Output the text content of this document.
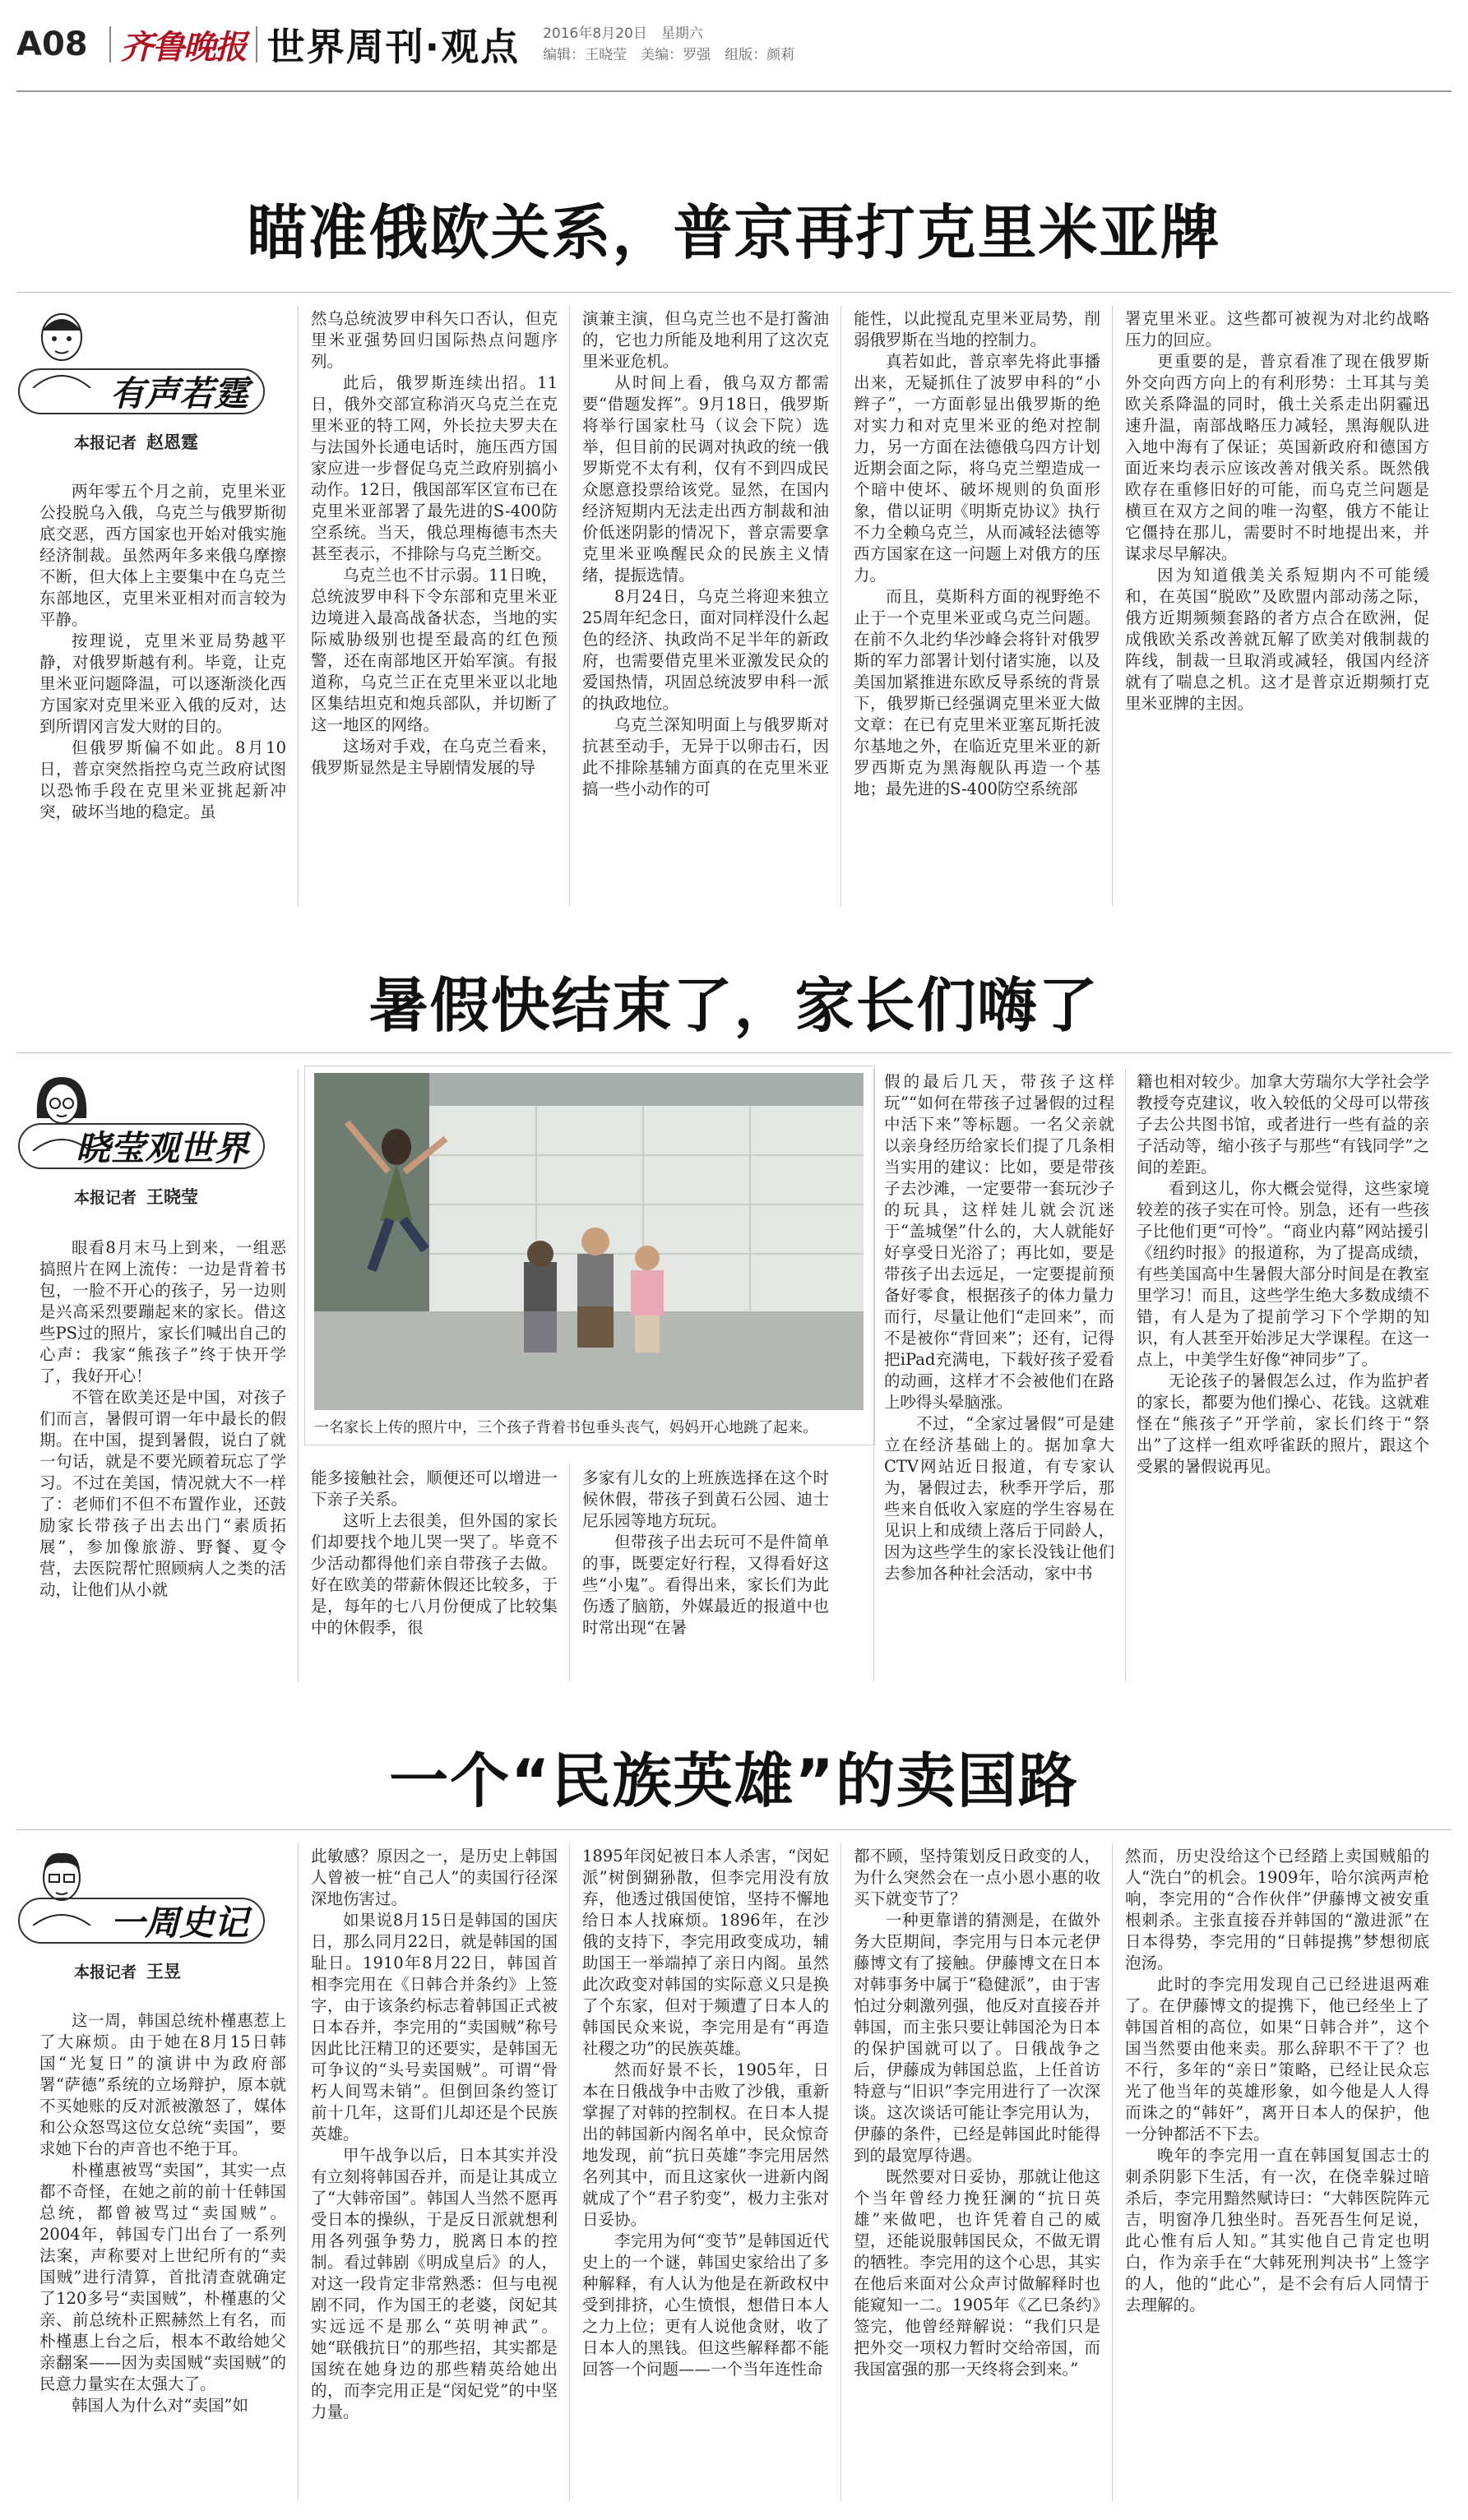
A08 齐鲁晚报 世界周刊·观点 2016年8月20日　 星期六
编辑：王晓莹　美编：罗强　组版：颜莉
瞄准俄欧关系，普京再打克里米亚牌
有声若霆
本报记者 赵恩霆

两年零五个月之前，克里米亚公投脱乌入俄，乌克兰与俄罗斯彻底交恶，西方国家也开始对俄实施经济制裁。虽然两年多来俄乌摩擦不断，但大体上主要集中在乌克兰东部地区，克里米亚相对而言较为平静。

按理说，克里米亚局势越平静，对俄罗斯越有利。毕竟，让克里米亚问题降温，可以逐渐淡化西方国家对克里米亚入俄的反对，达到所谓冈言发大财的目的。

但俄罗斯偏不如此。8月10日，普京突然指控乌克兰政府试图以恐怖手段在克里米亚挑起新冲突，破坏当地的稳定。虽

然乌总统波罗申科矢口否认，但克里米亚强势回归国际热点问题序列。

此后，俄罗斯连续出招。11日，俄外交部宣称消灭乌克兰在克里米亚的特工网，外长拉夫罗夫在与法国外长通电话时，施压西方国家应进一步督促乌克兰政府别搞小动作。12日，俄国部军区宣布已在克里米亚部署了最先进的S-400防空系统。当天，俄总理梅德韦杰夫甚至表示，不排除与乌克兰断交。

乌克兰也不甘示弱。11日晚，总统波罗申科下令东部和克里米亚边境进入最高战备状态，当地的实际威胁级别也提至最高的红色预警，还在南部地区开始军演。有报道称，乌克兰正在克里米亚以北地区集结坦克和炮兵部队，并切断了这一地区的网络。

这场对手戏，在乌克兰看来，俄罗斯显然是主导剧情发展的导

演兼主演，但乌克兰也不是打酱油的，它也力所能及地利用了这次克里米亚危机。

从时间上看，俄乌双方都需要“借题发挥”。9月18日，俄罗斯将举行国家杜马（议会下院）选举，但目前的民调对执政的统一俄罗斯党不太有利，仅有不到四成民众愿意投票给该党。显然，在国内经济短期内无法走出西方制裁和油价低迷阴影的情况下，普京需要拿克里米亚唤醒民众的民族主义情绪，提振选情。

8月24日，乌克兰将迎来独立25周年纪念日，面对同样没什么起色的经济、执政尚不足半年的新政府，也需要借克里米亚激发民众的爱国热情，巩固总统波罗申科一派的执政地位。

乌克兰深知明面上与俄罗斯对抗甚至动手，无异于以卵击石，因此不排除基辅方面真的在克里米亚搞一些小动作的可

能性，以此搅乱克里米亚局势，削弱俄罗斯在当地的控制力。

真若如此，普京率先将此事播出来，无疑抓住了波罗申科的“小辫子”，一方面彰显出俄罗斯的绝对实力和对克里米亚的绝对控制力，另一方面在法德俄乌四方计划近期会面之际，将乌克兰塑造成一个暗中使坏、破坏规则的负面形象，借以证明《明斯克协议》执行不力全赖乌克兰，从而减轻法德等西方国家在这一问题上对俄方的压力。

而且，莫斯科方面的视野绝不止于一个克里米亚或乌克兰问题。在前不久北约华沙峰会将针对俄罗斯的军力部署计划付诸实施，以及美国加紧推进东欧反导系统的背景下，俄罗斯已经强调克里米亚大做文章：在已有克里米亚塞瓦斯托波尔基地之外，在临近克里米亚的新罗西斯克为黑海舰队再造一个基地；最先进的S-400防空系统部

署克里米亚。这些都可被视为对北约战略压力的回应。

更重要的是，普京看准了现在俄罗斯外交向西方向上的有利形势：土耳其与美欧关系降温的同时，俄土关系走出阴霾迅速升温，南部战略压力减轻，黑海舰队进入地中海有了保证；英国新政府和德国方面近来均表示应该改善对俄关系。既然俄欧存在重修旧好的可能，而乌克兰问题是横亘在双方之间的唯一沟壑，俄方不能让它僵持在那儿，需要时不时地提出来，并谋求尽早解决。

因为知道俄美关系短期内不可能缓和，在英国“脱欧”及欧盟内部动荡之际，俄方近期频频套路的者方点合在欧洲，促成俄欧关系改善就瓦解了欧美对俄制裁的阵线，制裁一旦取消或减轻，俄国内经济就有了喘息之机。这才是普京近期频打克里米亚牌的主因。

暑假快结束了，家长们嗨了
晓莹观世界
本报记者 王晓莹

眼看8月末马上到来，一组恶搞照片在网上流传：一边是背着书包，一脸不开心的孩子，另一边则是兴高采烈要蹦起来的家长。借这些PS过的照片，家长们喊出自己的心声：我家“熊孩子”终于快开学了，我好开心！

不管在欧美还是中国，对孩子们而言，暑假可谓一年中最长的假期。在中国，提到暑假，说白了就一句话，就是不要光顾着玩忘了学习。不过在美国，情况就大不一样了：老师们不但不布置作业，还鼓励家长带孩子出去出门“素质拓展”，参加像旅游、野餐、夏令营，去医院帮忙照顾病人之类的活动，让他们从小就

一名家长上传的照片中，三个孩子背着书包垂头丧气，妈妈开心地跳了起来。

能多接触社会，顺便还可以增进一下亲子关系。

这听上去很美，但外国的家长们却要找个地儿哭一哭了。毕竟不少活动都得他们亲自带孩子去做。好在欧美的带薪休假还比较多，于是，每年的七八月份便成了比较集中的休假季，很

多家有儿女的上班族选择在这个时候休假，带孩子到黄石公园、迪士尼乐园等地方玩玩。

但带孩子出去玩可不是件简单的事，既要定好行程，又得看好这些“小鬼”。看得出来，家长们为此伤透了脑筋，外媒最近的报道中也时常出现“在暑

假的最后几天，带孩子这样玩”“如何在带孩子过暑假的过程中活下来”等标题。一名父亲就以亲身经历给家长们提了几条相当实用的建议：比如，要是带孩子去沙滩，一定要带一套玩沙子的玩具，这样娃儿就会沉迷于“盖城堡”什么的，大人就能好好享受日光浴了；再比如，要是带孩子出去远足，一定要提前预备好零食，根据孩子的体力量力而行，尽量让他们“走回来”，而不是被你“背回来”；还有，记得把iPad充满电，下载好孩子爱看的动画，这样才不会被他们在路上吵得头晕脑涨。

不过，“全家过暑假”可是建立在经济基础上的。据加拿大CTV网站近日报道，有专家认为，暑假过去，秋季开学后，那些来自低收入家庭的学生容易在见识上和成绩上落后于同龄人，因为这些学生的家长没钱让他们去参加各种社会活动，家中书

籍也相对较少。加拿大劳瑞尔大学社会学教授夸克建议，收入较低的父母可以带孩子去公共图书馆，或者进行一些有益的亲子活动等，缩小孩子与那些“有钱同学”之间的差距。

看到这儿，你大概会觉得，这些家境较差的孩子实在可怜。别急，还有一些孩子比他们更“可怜”。“商业内幕”网站援引《纽约时报》的报道称，为了提高成绩，有些美国高中生暑假大部分时间是在教室里学习！而且，这些学生绝大多数成绩不错，有人是为了提前学习下个学期的知识，有人甚至开始涉足大学课程。在这一点上，中美学生好像“神同步”了。

无论孩子的暑假怎么过，作为监护者的家长，都要为他们操心、花钱。这就难怪在“熊孩子”开学前，家长们终于“祭出”了这样一组欢呼雀跃的照片，跟这个受累的暑假说再见。

一个“民族英雄”的卖国路
一周史记
本报记者 王昱

这一周，韩国总统朴槿惠惹上了大麻烦。由于她在8月15日韩国“光复日”的演讲中为政府部署“萨德”系统的立场辩护，原本就不买她账的反对派被激怒了，媒体和公众怒骂这位女总统“卖国”，要求她下台的声音也不绝于耳。

朴槿惠被骂“卖国”，其实一点都不奇怪，在她之前的前十任韩国总统，都曾被骂过“卖国贼”。2004年，韩国专门出台了一系列法案，声称要对上世纪所有的“卖国贼”进行清算，首批清查就确定了120多号“卖国贼”，朴槿惠的父亲、前总统朴正熙赫然上有名，而朴槿惠上台之后，根本不敢给她父亲翻案——因为卖国贼“卖国贼”的民意力量实在太强大了。

韩国人为什么对“卖国”如

此敏感？原因之一，是历史上韩国人曾被一桩“自己人”的卖国行径深深地伤害过。

如果说8月15日是韩国的国庆日，那么同月22日，就是韩国的国耻日。1910年8月22日，韩国首相李完用在《日韩合并条约》上签字，由于该条约标志着韩国正式被日本吞并，李完用的“卖国贼”称号因此比汪精卫的还要实，是韩国无可争议的“头号卖国贼”。可谓“骨朽人间骂未销”。但倒回条约签订前十几年，这哥们儿却还是个民族英雄。

甲午战争以后，日本其实并没有立刻将韩国吞并，而是让其成立了“大韩帝国”。韩国人当然不愿再受日本的操纵，于是反日派就想利用各列强争势力，脱离日本的控制。看过韩剧《明成皇后》的人，对这一段肯定非常熟悉：但与电视剧不同，作为国王的老婆，闵妃其实远远不是那么“英明神武”。她“联俄抗日”的那些招，其实都是国统在她身边的那些精英给她出的，而李完用正是“闵妃党”的中坚力量。

1895年闵妃被日本人杀害，“闵妃派”树倒猢狲散，但李完用没有放弃，他透过俄国使馆，坚持不懈地给日本人找麻烦。1896年，在沙俄的支持下，李完用政变成功，辅助国王一举端掉了亲日内阁。虽然此次政变对韩国的实际意义只是换了个东家，但对于频遭了日本人的韩国民众来说，李完用是有“再造社稷之功”的民族英雄。

然而好景不长，1905年，日本在日俄战争中击败了沙俄，重新掌握了对韩的控制权。在日本人提出的韩国新内阁名单中，民众惊奇地发现，前“抗日英雄”李完用居然名列其中，而且这家伙一进新内阁就成了个“君子豹变”，极力主张对日妥协。

李完用为何“变节”是韩国近代史上的一个谜，韩国史家给出了多种解释，有人认为他是在新政权中受到排挤，心生愤恨，想借日本人之力上位；更有人说他贪财，收了日本人的黑钱。但这些解释都不能回答一个问题——一个当年连性命

都不顾，坚持策划反日政变的人，为什么突然会在一点小恩小惠的收买下就变节了？

一种更靠谱的猜测是，在做外务大臣期间，李完用与日本元老伊藤博文有了接触。伊藤博文在日本对韩事务中属于“稳健派”，由于害怕过分刺激列强，他反对直接吞并韩国，而主张只要让韩国沦为日本的保护国就可以了。日俄战争之后，伊藤成为韩国总监，上任首访特意与“旧识”李完用进行了一次深谈。这次谈话可能让李完用认为，伊藤的条件，已经是韩国此时能得到的最宽厚待遇。

既然要对日妥协，那就让他这个当年曾经力挽狂澜的“抗日英雄”来做吧，也许凭着自己的威望，还能说服韩国民众，不做无谓的牺牲。李完用的这个心思，其实在他后来面对公众声讨做解释时也能窥知一二。1905年《乙巳条约》签完，他曾经辩解说：“我们只是把外交一项权力暂时交给帝国，而我国富强的那一天终将会到来。”

然而，历史没给这个已经踏上卖国贼船的人“洗白”的机会。1909年，哈尔滨两声枪响，李完用的“合作伙伴”伊藤博文被安重根刺杀。主张直接吞并韩国的“激进派”在日本得势，李完用的“日韩提携”梦想彻底泡汤。

此时的李完用发现自己已经进退两难了。在伊藤博文的提携下，他已经坐上了韩国首相的高位，如果“日韩合并”，这个国当然要由他来卖。那么辞职不干了？也不行，多年的“亲日”策略，已经让民众忘光了他当年的英雄形象，如今他是人人得而诛之的“韩奸”，离开日本人的保护，他一分钟都活不下去。

晚年的李完用一直在韩国复国志士的刺杀阴影下生活，有一次，在侥幸躲过暗杀后，李完用黯然赋诗曰：“大韩医院阵元吉，明窗净几独坐时。吾死吾生何足说，此心惟有后人知。”其实他自己肯定也明白，作为亲手在“大韩死刑判决书”上签字的人，他的“此心”，是不会有后人同情于去理解的。
